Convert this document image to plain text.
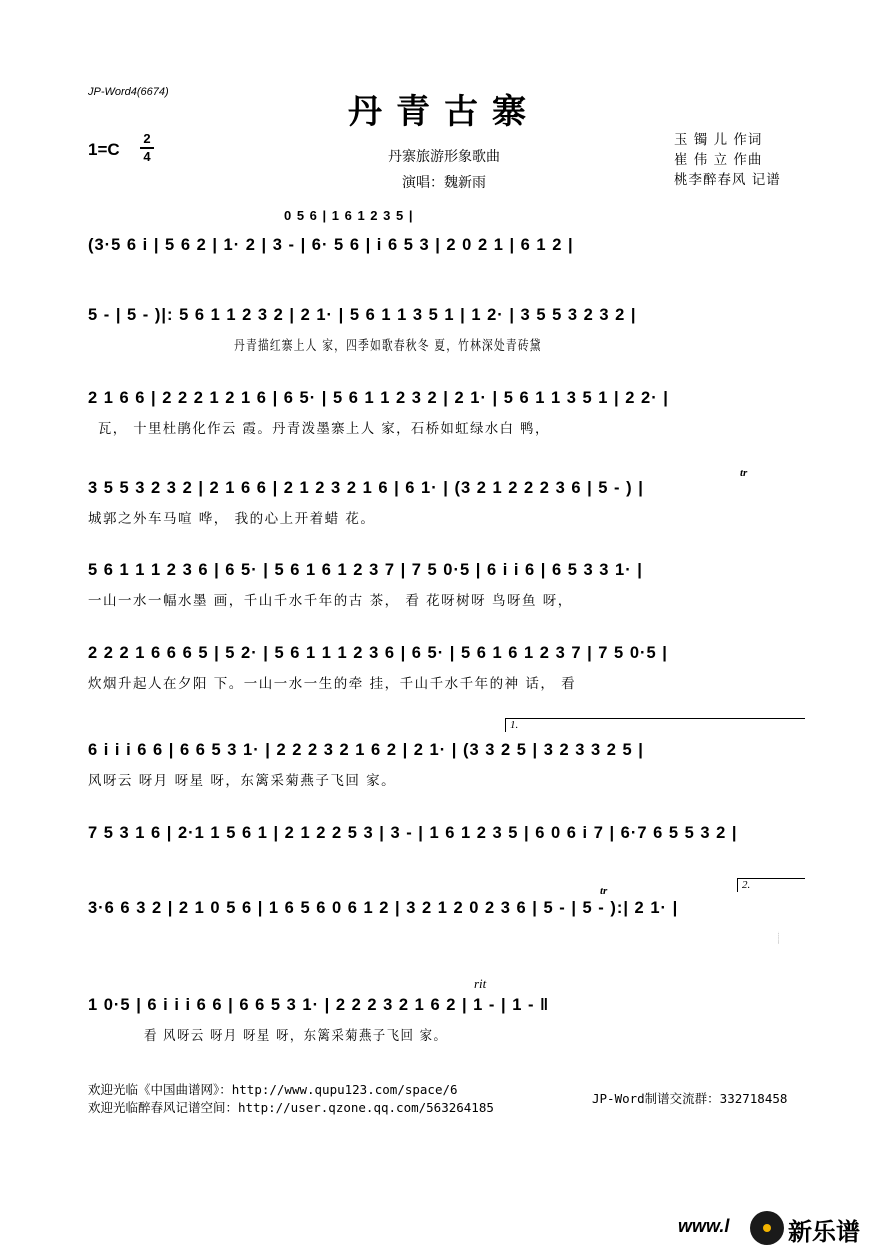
JP-Word4(6674)	丹青古寨
1=C
2
4	丹寨旅游形象歌曲
演唱：魏新雨
玉 镯 儿 作词
崔 伟 立 作曲
桃李醉春风 记谱
0 5 6 | 1 6 1 2 3 5 |
(3·5 6 i | 5 6 2 | 1· 2 | 3 - | 6· 5 6 | i 6 5 3 | 2 0 2 1 | 6 1 2 |
5 - | 5 - )|: 5 6 1 1 2 3 2 | 2 1· | 5 6 1 1 3 5 1 | 1 2· | 3 5 5 3 2 3 2 |
丹青描红寨上人 家，四季如歌春秋冬 夏，竹林深处青砖黛
2 1 6 6 | 2 2 2 1 2 1 6 | 6 5· | 5 6 1 1 2 3 2 | 2 1· | 5 6 1 1 3 5 1 | 2 2· |
瓦， 十里杜鹃化作云 霞。丹青泼墨寨上人 家，石桥如虹绿水白 鸭，
3 5 5 3 2 3 2 | 2 1 6 6 | 2 1 2 3 2 1 6 | 6 1· | (3 2 1 2 2 2 3 6 | 5 - ) |
tr
城郭之外车马喧 哗， 我的心上开着蜡 花。
5 6 1 1 1 2 3 6 | 6 5· | 5 6 1 6 1 2 3 7 | 7 5 0·5 | 6 i i 6 | 6 5 3 3 1· |
一山一水一幅水墨 画，千山千水千年的古 茶， 看 花呀树呀 鸟呀鱼 呀，
2 2 2 1 6 6 6 5 | 5 2· | 5 6 1 1 1 2 3 6 | 6 5· | 5 6 1 6 1 2 3 7 | 7 5 0·5 |
炊烟升起人在夕阳 下。一山一水一生的牵 挂，千山千水千年的神 话， 看
1.
6 i i i 6 6 | 6 6 5 3 1· | 2 2 2 3 2 1 6 2 | 2 1· | (3 3 2 5 | 3 2 3 3 2 5 |
风呀云 呀月 呀星 呀，东篱采菊燕子飞回 家。
7 5 3 1 6 | 2·1 1 5 6 1 | 2 1 2 2 5 3 | 3 - | 1 6 1 2 3 5 | 6 0 6 i 7 | 6·7 6 5 5 3 2 |
2.
3·6 6 3 2 | 2 1 0 5 6 | 1 6 5 6 0 6 1 2 | 3 2 1 2 0 2 3 6 | 5 - | 5 - ):| 2 1· |
tr
家。
rit
1 0·5 | 6 i i i 6 6 | 6 6 5 3 1· | 2 2 2 3 2 1 6 2 | 1 - | 1 - ‖
看 风呀云 呀月 呀星 呀，东篱采菊燕子飞回 家。
欢迎光临《中国曲谱网》：http://www.qupu123.com/space/6
欢迎光临醉春风记谱空间：http://user.qzone.qq.com/563264185
JP-Word制谱交流群：332718458
www.l 新乐谱
